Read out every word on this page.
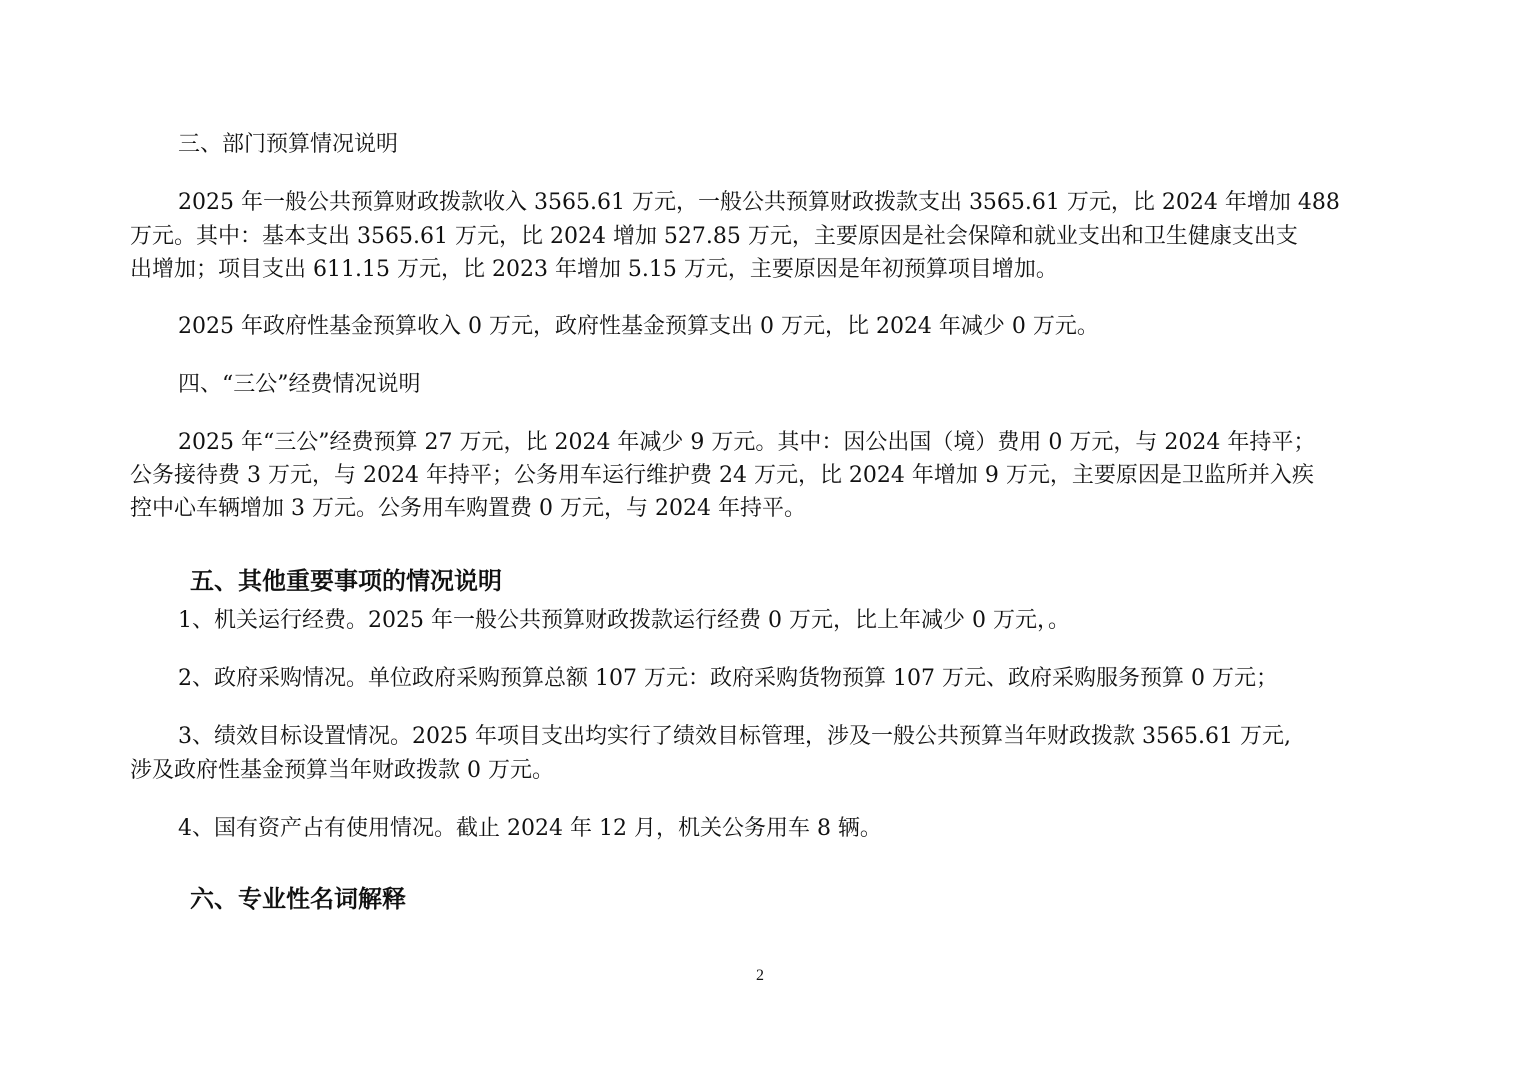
三、部门预算情况说明
2025 年一般公共预算财政拨款收入 3565.61 万元，一般公共预算财政拨款支出 3565.61 万元，比 2024 年增加 488
万元。其中：基本支出 3565.61 万元，比 2024 增加 527.85 万元，主要原因是社会保障和就业支出和卫生健康支出支
出增加；项目支出 611.15 万元，比 2023 年增加 5.15 万元，主要原因是年初预算项目增加。
2025 年政府性基金预算收入 0 万元，政府性基金预算支出 0 万元，比 2024 年减少 0 万元。
四、“三公”经费情况说明
2025 年“三公”经费预算 27 万元，比 2024 年减少 9 万元。其中：因公出国（境）费用 0 万元，与 2024 年持平；
公务接待费 3 万元，与 2024 年持平；公务用车运行维护费 24 万元，比 2024 年增加 9 万元，主要原因是卫监所并入疾
控中心车辆增加 3 万元。公务用车购置费 0 万元，与 2024 年持平。
五、其他重要事项的情况说明
1、机关运行经费。2025 年一般公共预算财政拨款运行经费 0 万元，比上年减少 0 万元，。
2、政府采购情况。单位政府采购预算总额 107 万元：政府采购货物预算 107 万元、政府采购服务预算 0 万元；
3、绩效目标设置情况。2025 年项目支出均实行了绩效目标管理，涉及一般公共预算当年财政拨款 3565.61 万元,
涉及政府性基金预算当年财政拨款 0 万元。
4、国有资产占有使用情况。截止 2024 年 12 月，机关公务用车 8 辆。
六、专业性名词解释
2
